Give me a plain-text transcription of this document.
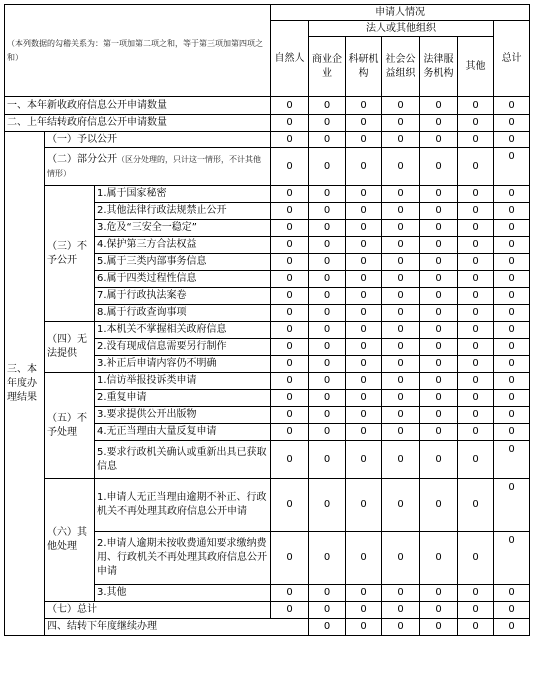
（本列数据的勾稽关系为：第一项加第二项之和，等于第三项加第四项之和）			申请人情况							
			自然人	法人或其他组织					总计	
				商业企业	科研机构	社会公益组织	法律服务机构	其他		

一、本年新收政府信息公开申请数量			0	0	0	0	0	0	0	
二、上年结转政府信息公开申请数量			0	0	0	0	0	0	0	
三、本年度办理结果	（一）予以公开		0	0	0	0	0	0	0	
	（二）部分公开（区分处理的，只计这一情形，不计其他情形）		0	0	0	0	0	0	0	
	（三）不予公开	1.属于国家秘密	0	0	0	0	0	0	0	
		2.其他法律行政法规禁止公开	0	0	0	0	0	0	0	
		3.危及“三安全一稳定”	0	0	0	0	0	0	0	
		4.保护第三方合法权益	0	0	0	0	0	0	0	
		5.属于三类内部事务信息	0	0	0	0	0	0	0	
		6.属于四类过程性信息	0	0	0	0	0	0	0	
		7.属于行政执法案卷	0	0	0	0	0	0	0	
		8.属于行政查询事项	0	0	0	0	0	0	0	
	（四）无法提供	1.本机关不掌握相关政府信息	0	0	0	0	0	0	0	
		2.没有现成信息需要另行制作	0	0	0	0	0	0	0	
		3.补正后申请内容仍不明确	0	0	0	0	0	0	0	
	（五）不予处理	1.信访举报投诉类申请	0	0	0	0	0	0	0	
		2.重复申请	0	0	0	0	0	0	0	
		3.要求提供公开出版物	0	0	0	0	0	0	0	
		4.无正当理由大量反复申请	0	0	0	0	0	0	0	
		5.要求行政机关确认或重新出具已获取信息	0	0	0	0	0	0	0	
	（六）其他处理	1.申请人无正当理由逾期不补正、行政机关不再处理其政府信息公开申请	0	0	0	0	0	0	0	
		2.申请人逾期未按收费通知要求缴纳费用、行政机关不再处理其政府信息公开申请	0	0	0	0	0	0	0	
		3.其他	0	0	0	0	0	0	0	
	（七）总计		0	0	0	0	0	0	0	
	四、结转下年度继续办理			0	0	0	0	0	0	
